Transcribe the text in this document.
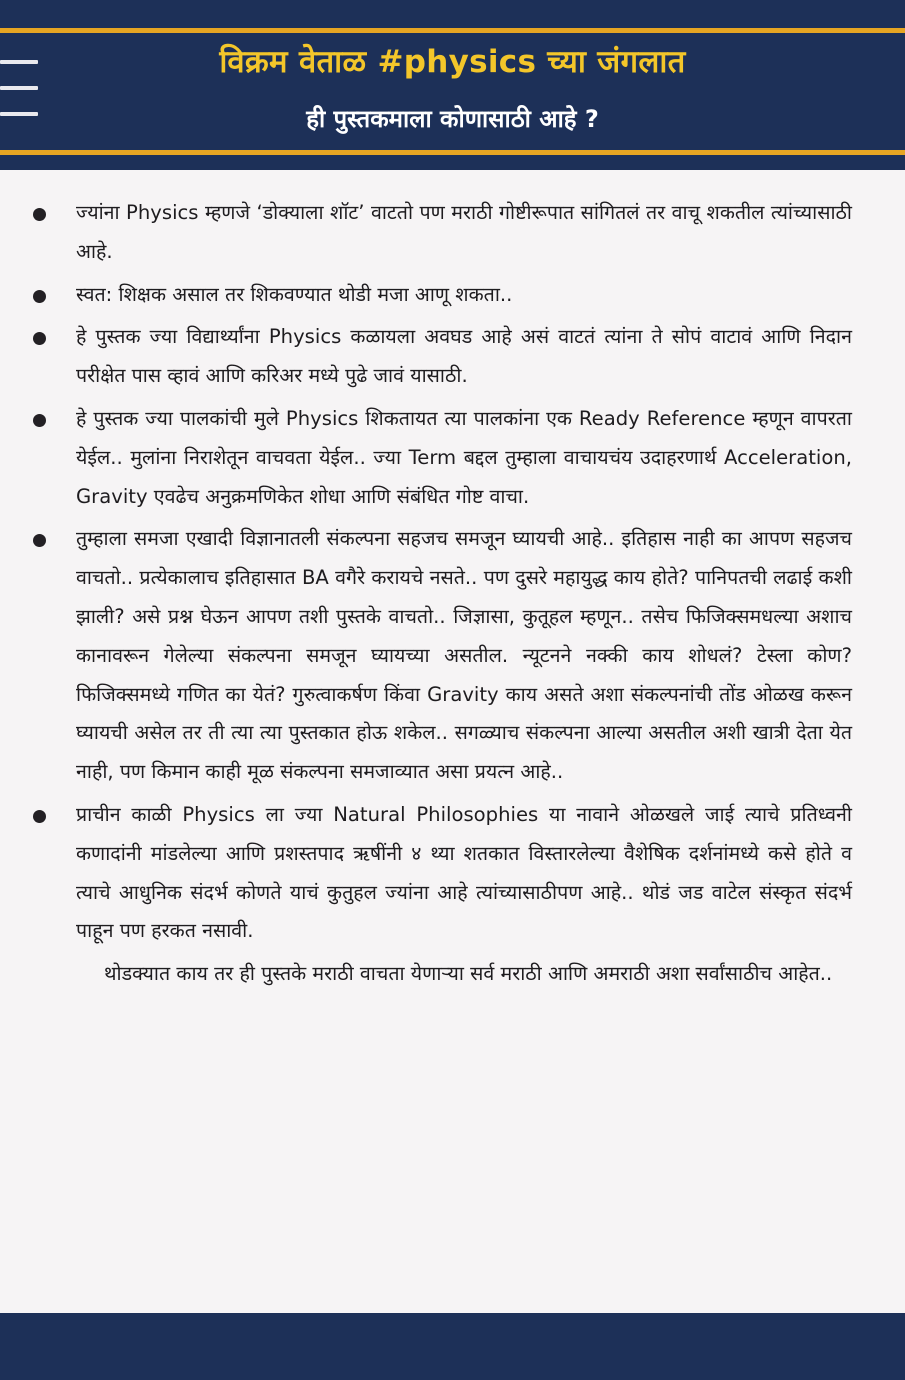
विक्रम वेताळ #physics च्या जंगलात
ही पुस्तकमाला कोणासाठी आहे ?
ज्यांना Physics म्हणजे ‘डोक्याला शॉट’ वाटतो पण मराठी गोष्टीरूपात सांगितलं तर वाचू शकतील त्यांच्यासाठी आहे.
स्वत: शिक्षक असाल तर शिकवण्यात थोडी मजा आणू शकता..
हे पुस्तक ज्या विद्यार्थ्यांना Physics कळायला अवघड आहे असं वाटतं त्यांना ते सोपं वाटावं आणि निदान परीक्षेत पास व्हावं आणि करिअर मध्ये पुढे जावं यासाठी.
हे पुस्तक ज्या पालकांची मुले Physics शिकतायत त्या पालकांना एक Ready Reference म्हणून वापरता येईल.. मुलांना निराशेतून वाचवता येईल.. ज्या Term बद्दल तुम्हाला वाचायचंय उदाहरणार्थ Acceleration, Gravity एवढेच अनुक्रमणिकेत शोधा आणि संबंधित गोष्ट वाचा.
तुम्हाला समजा एखादी विज्ञानातली संकल्पना सहजच समजून घ्यायची आहे.. इतिहास नाही का आपण सहजच वाचतो.. प्रत्येकालाच इतिहासात BA वगैरे करायचे नसते.. पण दुसरे महायुद्ध काय होते? पानिपतची लढाई कशी झाली? असे प्रश्न घेऊन आपण तशी पुस्तके वाचतो.. जिज्ञासा, कुतूहल म्हणून.. तसेच फिजिक्समधल्या अशाच कानावरून गेलेल्या संकल्पना समजून घ्यायच्या असतील. न्यूटनने नक्की काय शोधलं? टेस्ला कोण? फिजिक्समध्ये गणित का येतं? गुरुत्वाकर्षण किंवा Gravity काय असते अशा संकल्पनांची तोंड ओळख करून घ्यायची असेल तर ती त्या त्या पुस्तकात होऊ शकेल.. सगळ्याच संकल्पना आल्या असतील अशी खात्री देता येत नाही, पण किमान काही मूळ संकल्पना समजाव्यात असा प्रयत्न आहे..
प्राचीन काळी Physics ला ज्या Natural Philosophies या नावाने ओळखले जाई त्याचे प्रतिध्वनी कणादांनी मांडलेल्या आणि प्रशस्तपाद ऋषींनी ४ थ्या शतकात विस्तारलेल्या वैशेषिक दर्शनांमध्ये कसे होते व त्याचे आधुनिक संदर्भ कोणते याचं कुतुहल ज्यांना आहे त्यांच्यासाठीपण आहे.. थोडं जड वाटेल संस्कृत संदर्भ पाहून पण हरकत नसावी.
थोडक्यात काय तर ही पुस्तके मराठी वाचता येणाऱ्या सर्व मराठी आणि अमराठी अशा सर्वांसाठीच आहेत..
